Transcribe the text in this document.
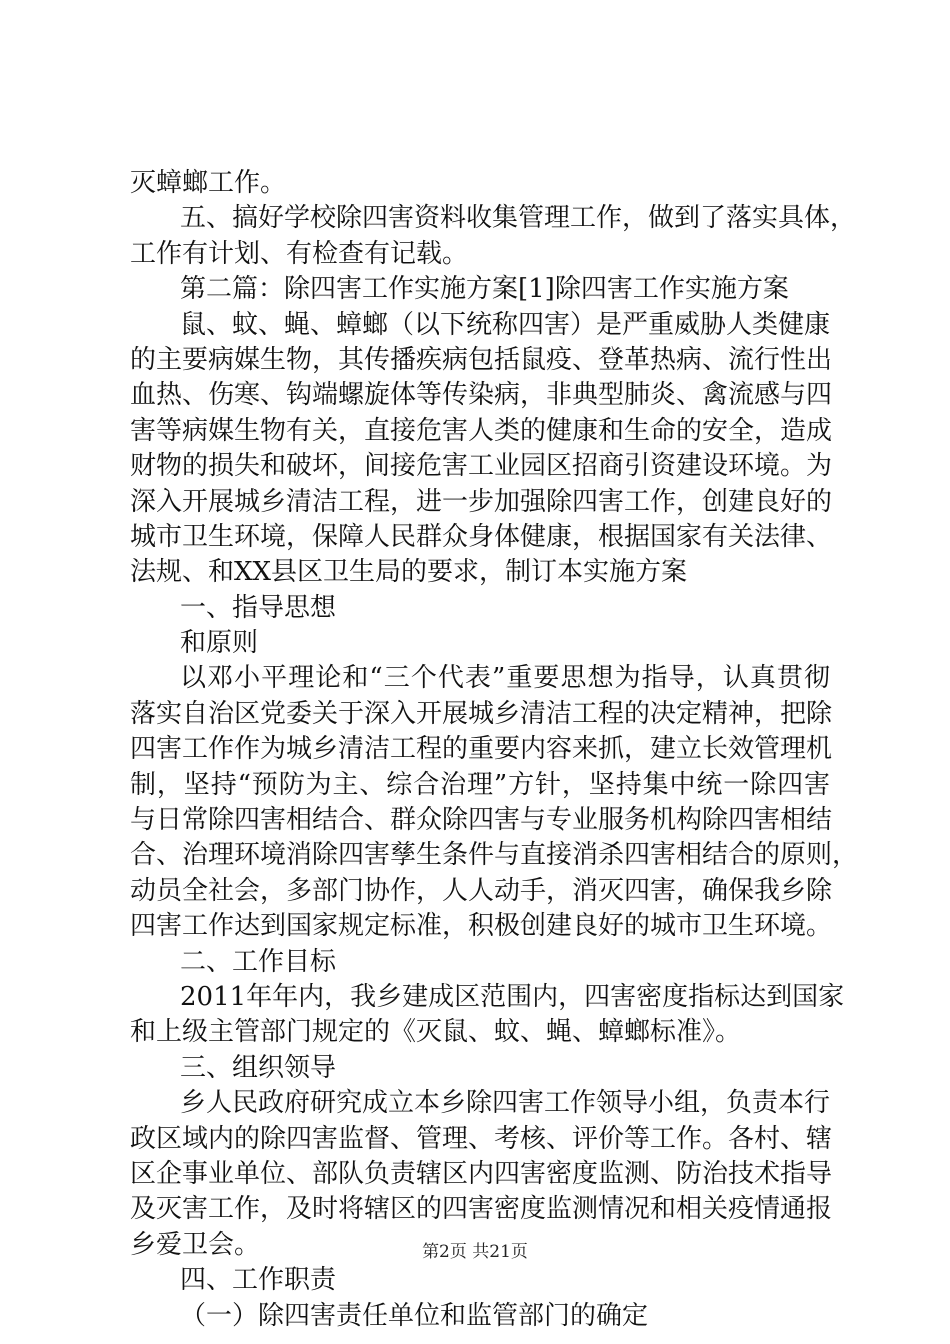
灭蟑螂工作。
五、搞好学校除四害资料收集管理工作，做到了落实具体，
工作有计划、有检查有记载。
第二篇：除四害工作实施方案[1]除四害工作实施方案
鼠、蚊、蝇、蟑螂（以下统称四害）是严重威胁人类健康
的主要病媒生物，其传播疾病包括鼠疫、登革热病、流行性出
血热、伤寒、钩端螺旋体等传染病，非典型肺炎、禽流感与四
害等病媒生物有关，直接危害人类的健康和生命的安全，造成
财物的损失和破坏，间接危害工业园区招商引资建设环境。为
深入开展城乡清洁工程，进一步加强除四害工作，创建良好的
城市卫生环境，保障人民群众身体健康，根据国家有关法律、
法规、和XX县区卫生局的要求，制订本实施方案
一、指导思想
和原则
以邓小平理论和“三个代表”重要思想为指导，认真贯彻
落实自治区党委关于深入开展城乡清洁工程的决定精神，把除
四害工作作为城乡清洁工程的重要内容来抓，建立长效管理机
制，坚持“预防为主、综合治理”方针，坚持集中统一除四害
与日常除四害相结合、群众除四害与专业服务机构除四害相结
合、治理环境消除四害孳生条件与直接消杀四害相结合的原则，
动员全社会，多部门协作，人人动手，消灭四害，确保我乡除
四害工作达到国家规定标准，积极创建良好的城市卫生环境。
二、工作目标
2011年年内，我乡建成区范围内，四害密度指标达到国家
和上级主管部门规定的《灭鼠、蚊、蝇、蟑螂标准》。
三、组织领导
乡人民政府研究成立本乡除四害工作领导小组，负责本行
政区域内的除四害监督、管理、考核、评价等工作。各村、辖
区企事业单位、部队负责辖区内四害密度监测、防治技术指导
及灭害工作，及时将辖区的四害密度监测情况和相关疫情通报
乡爱卫会。
四、工作职责
（一）除四害责任单位和监管部门的确定
第2页 共21页
